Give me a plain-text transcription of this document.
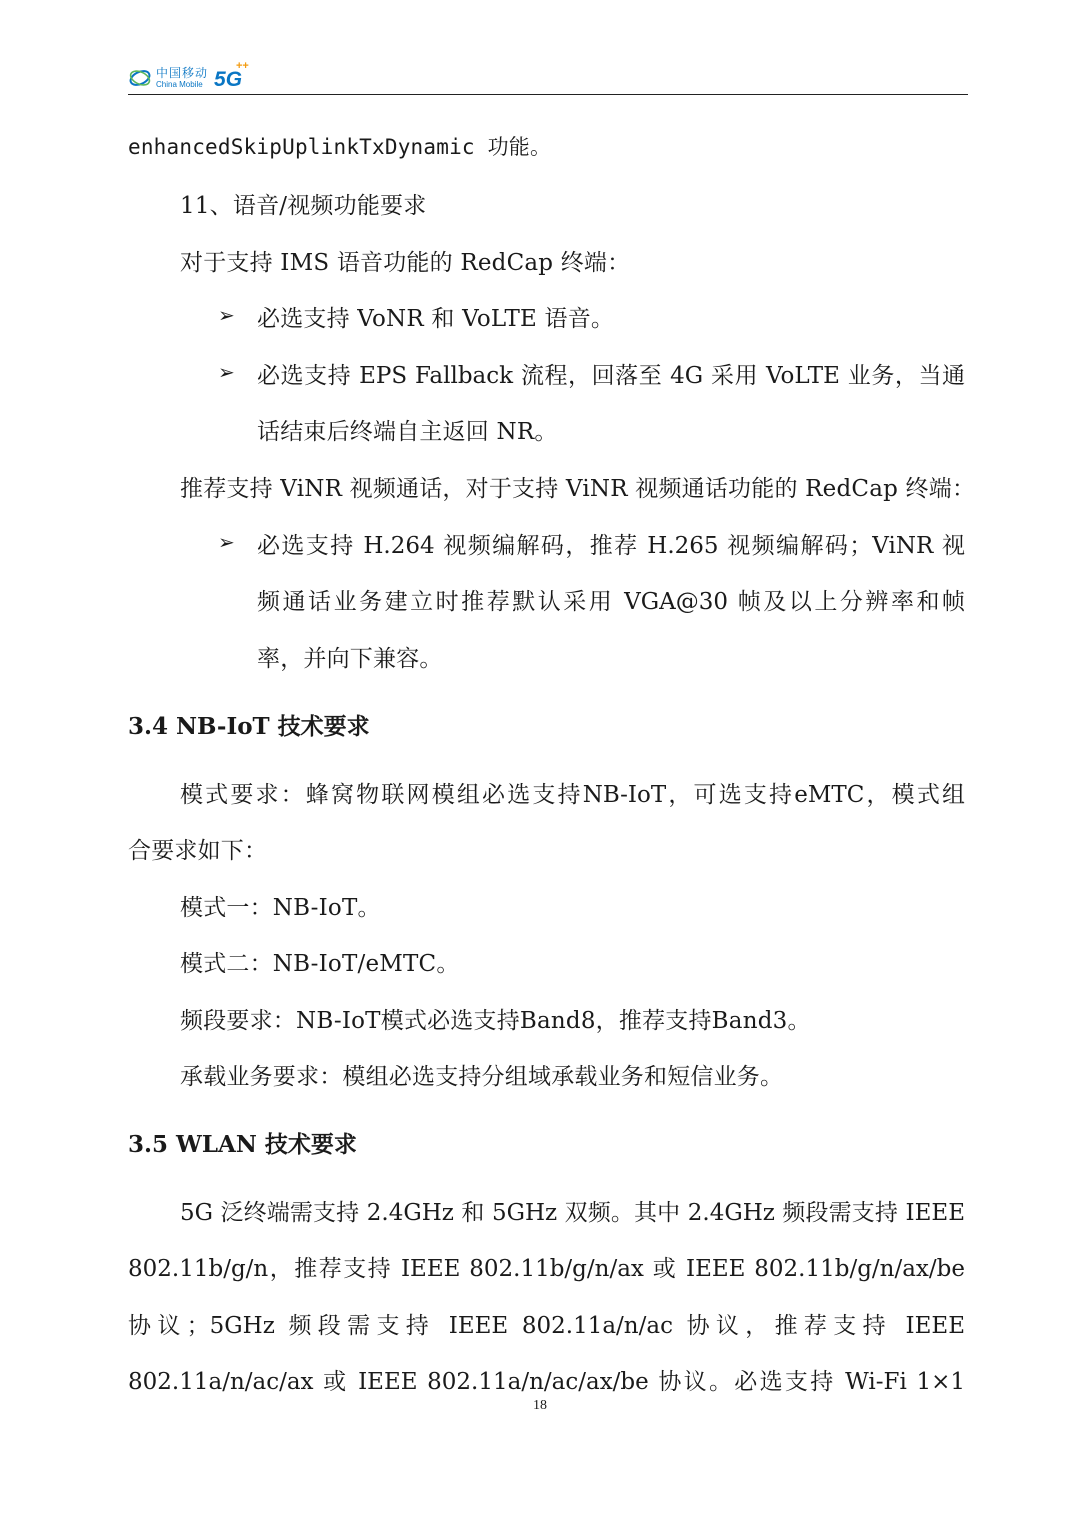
中国移动
China Mobile 5G
++
enhancedSkipUplinkTxDynamic 功能。
11、语音/视频功能要求
对于支持 IMS 语音功能的 RedCap 终端：
➢ 必选支持 VoNR 和 VoLTE 语音。
➢ 必选支持 EPS Fallback 流程，回落至 4G 采用 VoLTE 业务，当通
话结束后终端自主返回 NR。
推荐支持 ViNR 视频通话，对于支持 ViNR 视频通话功能的 RedCap 终端：
➢ 必选支持 H.264 视频编解码，推荐 H.265 视频编解码；ViNR 视
频通话业务建立时推荐默认采用 VGA@30 帧及以上分辨率和帧
率，并向下兼容。
3.4 NB-IoT 技术要求
模式要求：蜂窝物联网模组必选支持NB-IoT，可选支持eMTC，模式组
合要求如下：
模式一：NB-IoT。
模式二：NB-IoT/eMTC。
频段要求：NB-IoT模式必选支持Band8，推荐支持Band3。
承载业务要求：模组必选支持分组域承载业务和短信业务。
3.5 WLAN 技术要求
5G 泛终端需支持 2.4GHz 和 5GHz 双频。其中 2.4GHz 频段需支持 IEEE
802.11b/g/n，推荐支持 IEEE 802.11b/g/n/ax 或 IEEE 802.11b/g/n/ax/be
协议；5GHz 频段需支持 IEEE 802.11a/n/ac 协议，推荐支持 IEEE
802.11a/n/ac/ax 或 IEEE 802.11a/n/ac/ax/be 协议。必选支持 Wi-Fi 1×1
18
